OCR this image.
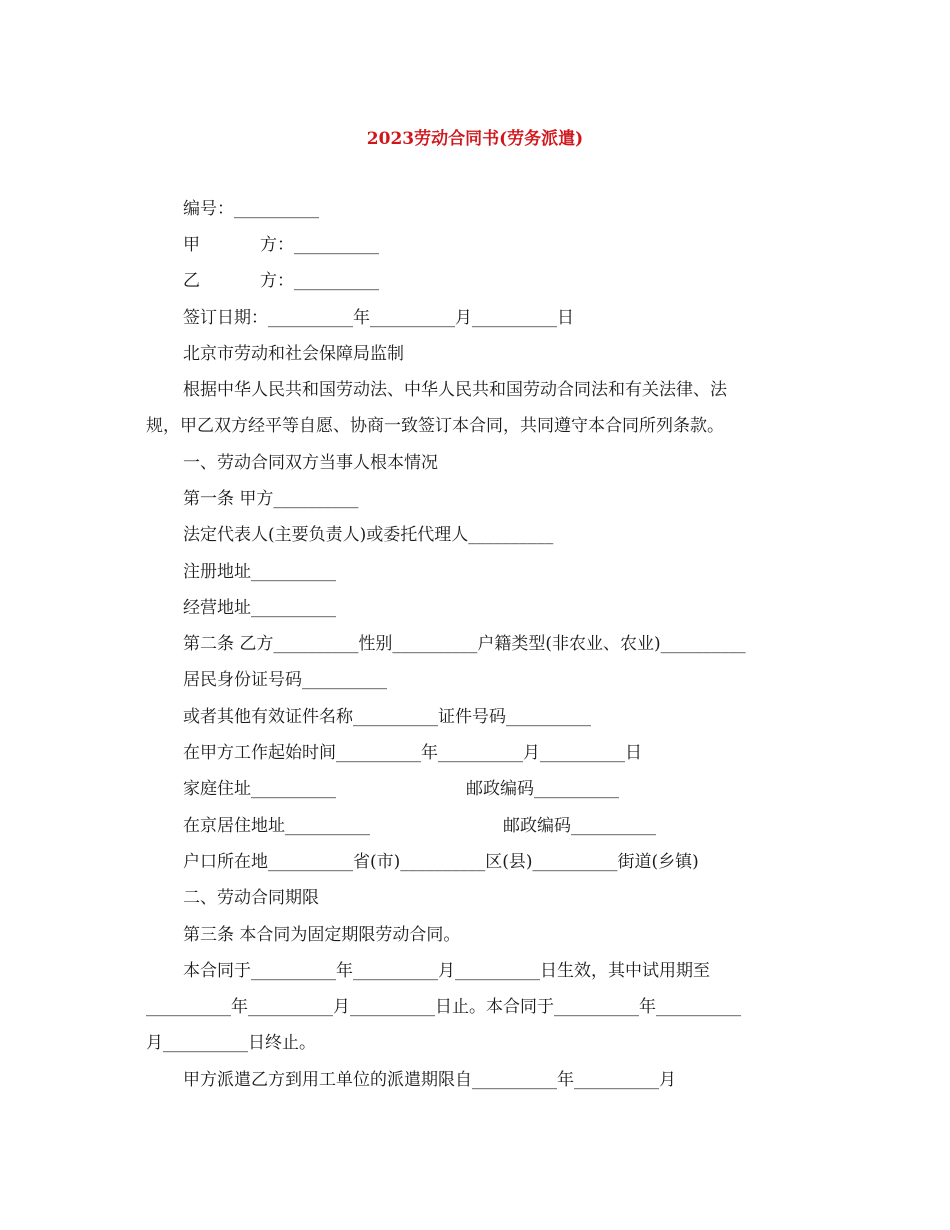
2023劳动合同书(劳务派遣)
编号：__________
甲	方：__________
乙	方：__________
签订日期：__________年__________月__________日
北京市劳动和社会保障局监制
根据中华人民共和国劳动法、中华人民共和国劳动合同法和有关法律、法
规，甲乙双方经平等自愿、协商一致签订本合同，共同遵守本合同所列条款。
一、劳动合同双方当事人根本情况
第一条 甲方__________
法定代表人(主要负责人)或委托代理人__________
注册地址__________
经营地址__________
第二条 乙方__________性别__________户籍类型(非农业、农业)__________
居民身份证号码__________
或者其他有效证件名称__________证件号码__________
在甲方工作起始时间__________年__________月__________日
家庭住址__________	邮政编码__________
在京居住地址__________	邮政编码__________
户口所在地__________省(市)__________区(县)__________街道(乡镇)
二、劳动合同期限
第三条 本合同为固定期限劳动合同。
本合同于__________年__________月__________日生效，其中试用期至
__________年__________月__________日止。本合同于__________年__________
月__________日终止。
甲方派遣乙方到用工单位的派遣期限自__________年__________月
